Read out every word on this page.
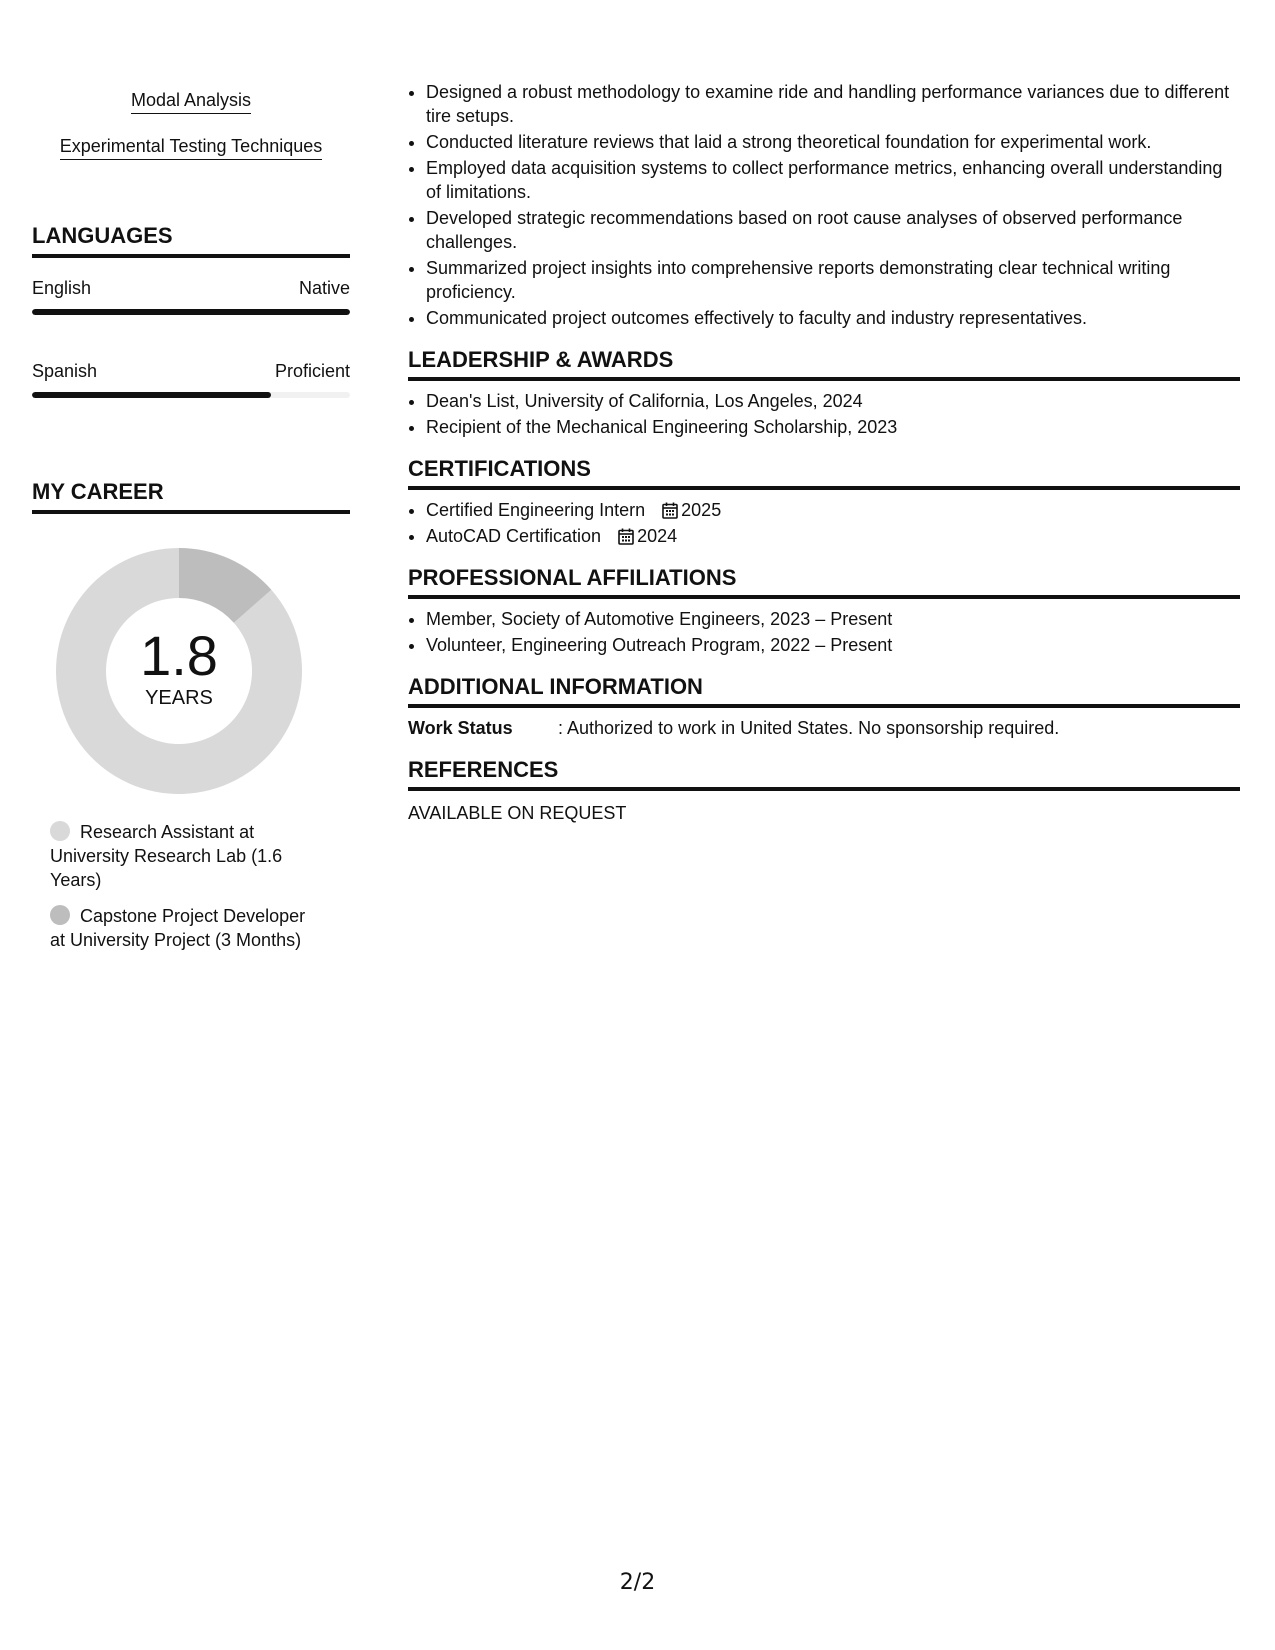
Modal Analysis
Experimental Testing Techniques
LANGUAGES
English	Native
Spanish	Proficient
MY CAREER
1.8
YEARS
Research Assistant at University Research Lab (1.6 Years)
Capstone Project Developer at University Project (3 Months)
• Designed a robust methodology to examine ride and handling performance variances due to different tire setups.
• Conducted literature reviews that laid a strong theoretical foundation for experimental work.
• Employed data acquisition systems to collect performance metrics, enhancing overall understanding of limitations.
• Developed strategic recommendations based on root cause analyses of observed performance challenges.
• Summarized project insights into comprehensive reports demonstrating clear technical writing proficiency.
• Communicated project outcomes effectively to faculty and industry representatives.
LEADERSHIP & AWARDS
• Dean's List, University of California, Los Angeles, 2024
• Recipient of the Mechanical Engineering Scholarship, 2023
CERTIFICATIONS
• Certified Engineering Intern 2025
• AutoCAD Certification 2024
PROFESSIONAL AFFILIATIONS
• Member, Society of Automotive Engineers, 2023 – Present
• Volunteer, Engineering Outreach Program, 2022 – Present
ADDITIONAL INFORMATION
Work Status	: Authorized to work in United States. No sponsorship required.
REFERENCES
AVAILABLE ON REQUEST
2/2
